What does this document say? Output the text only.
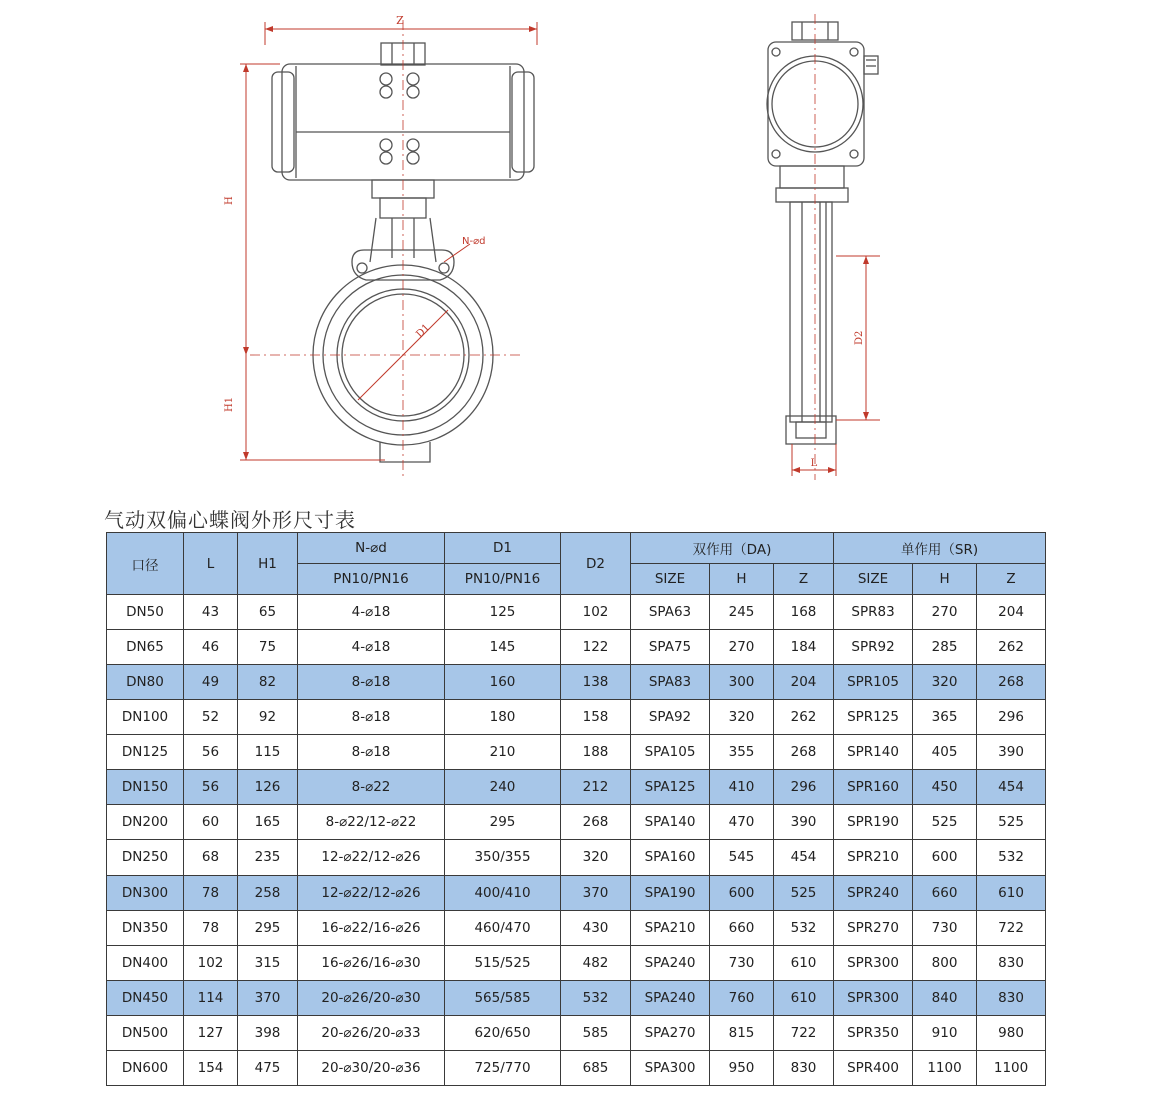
Z
H
H1
N-⌀d
D1	D2
L
气动双偏心蝶阀外形尺寸表
口径	L	H1	N-⌀d	D1	D2	双作用（DA)			单作用（SR)		
			PN10/PN16	PN10/PN16		SIZE	H	Z	SIZE	H	Z
DN50	43	65	4-⌀18	125	102	SPA63	245	168	SPR83	270	204
DN65	46	75	4-⌀18	145	122	SPA75	270	184	SPR92	285	262
DN80	49	82	8-⌀18	160	138	SPA83	300	204	SPR105	320	268
DN100	52	92	8-⌀18	180	158	SPA92	320	262	SPR125	365	296
DN125	56	115	8-⌀18	210	188	SPA105	355	268	SPR140	405	390
DN150	56	126	8-⌀22	240	212	SPA125	410	296	SPR160	450	454
DN200	60	165	8-⌀22/12-⌀22	295	268	SPA140	470	390	SPR190	525	525
DN250	68	235	12-⌀22/12-⌀26	350/355	320	SPA160	545	454	SPR210	600	532
DN300	78	258	12-⌀22/12-⌀26	400/410	370	SPA190	600	525	SPR240	660	610
DN350	78	295	16-⌀22/16-⌀26	460/470	430	SPA210	660	532	SPR270	730	722
DN400	102	315	16-⌀26/16-⌀30	515/525	482	SPA240	730	610	SPR300	800	830
DN450	114	370	20-⌀26/20-⌀30	565/585	532	SPA240	760	610	SPR300	840	830
DN500	127	398	20-⌀26/20-⌀33	620/650	585	SPA270	815	722	SPR350	910	980
DN600	154	475	20-⌀30/20-⌀36	725/770	685	SPA300	950	830	SPR400	1100	1100
